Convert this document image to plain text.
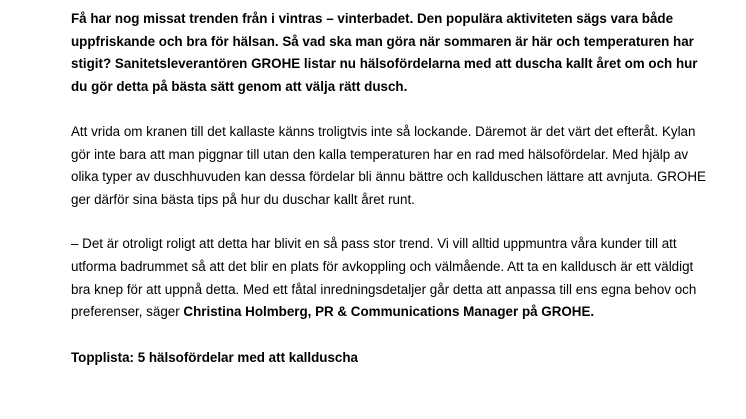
Få har nog missat trenden från i vintras – vinterbadet. Den populära aktiviteten sägs vara både uppfriskande och bra för hälsan. Så vad ska man göra när sommaren är här och temperaturen har stigit? Sanitetsleverantören GROHE listar nu hälsofördelarna med att duscha kallt året om och hur du gör detta på bästa sätt genom att välja rätt dusch.

Att vrida om kranen till det kallaste känns troligtvis inte så lockande. Däremot är det värt det efteråt. Kylan gör inte bara att man piggnar till utan den kalla temperaturen har en rad med hälsofördelar. Med hjälp av olika typer av duschhuvuden kan dessa fördelar bli ännu bättre och kallduschen lättare att avnjuta. GROHE ger därför sina bästa tips på hur du duschar kallt året runt.

– Det är otroligt roligt att detta har blivit en så pass stor trend. Vi vill alltid uppmuntra våra kunder till att utforma badrummet så att det blir en plats för avkoppling och välmående. Att ta en kalldusch är ett väldigt bra knep för att uppnå detta. Med ett fåtal inredningsdetaljer går detta att anpassa till ens egna behov och preferenser, säger Christina Holmberg, PR & Communications Manager på GROHE.

Topplista: 5 hälsofördelar med att kallduscha
